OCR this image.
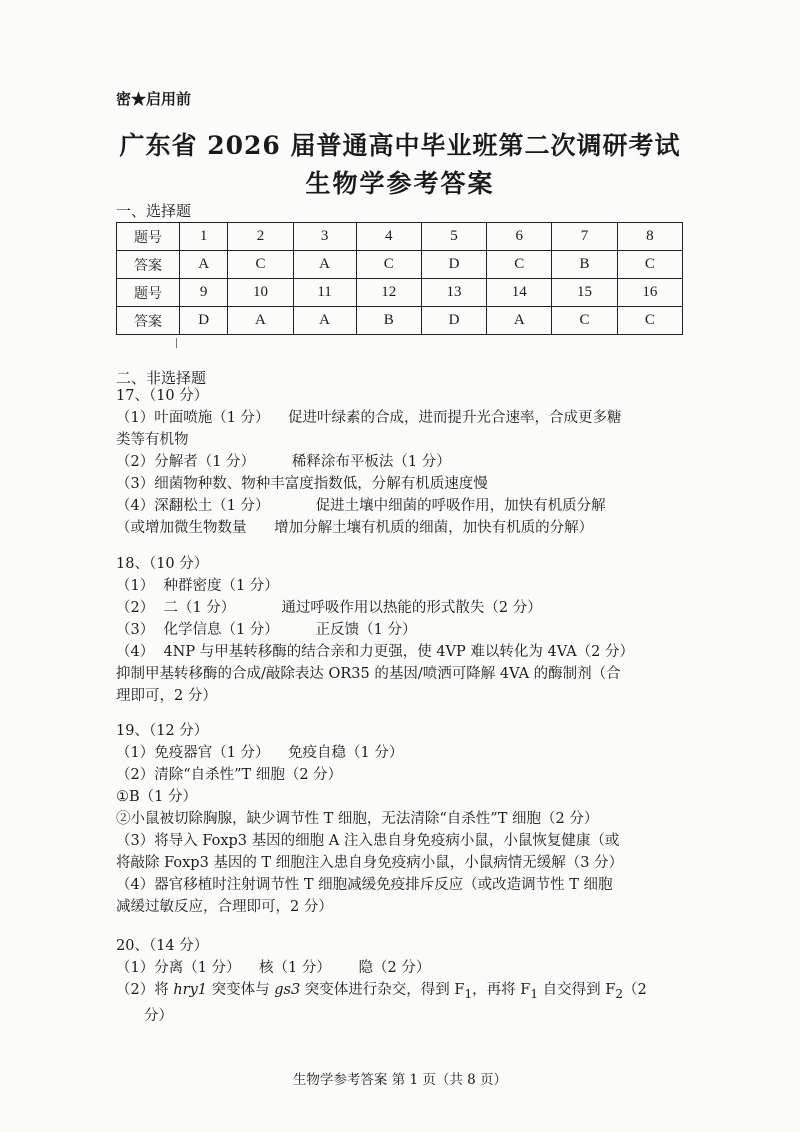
密★启用前
广东省 2026 届普通高中毕业班第二次调研考试
生物学参考答案
一、选择题
题号	1	2	3	4	5	6	7	8
答案	A	C	A	C	D	C	B	C
题号	9	10	11	12	13	14	15	16
答案	D	A	A	B	D	A	C	C
二、非选择题

17、（10 分）

（1）叶面喷施（1 分）    促进叶绿素的合成，进而提升光合速率，合成更多糖

类等有机物

（2）分解者（1 分）        稀释涂布平板法（1 分）

（3）细菌物种数、物种丰富度指数低，分解有机质速度慢

（4）深翻松土（1 分）          促进土壤中细菌的呼吸作用，加快有机质分解

（或增加微生物数量      增加分解土壤有机质的细菌，加快有机质的分解）

18、（10 分）

（1）  种群密度（1 分）

（2）  二（1 分）          通过呼吸作用以热能的形式散失（2 分）

（3）  化学信息（1 分）        正反馈（1 分）

（4）  4NP 与甲基转移酶的结合亲和力更强，使 4VP 难以转化为 4VA（2 分）

抑制甲基转移酶的合成/敲除表达 OR35 的基因/喷洒可降解 4VA 的酶制剂（合

理即可，2 分）

19、（12 分）

（1）免疫器官（1 分）    免疫自稳（1 分）

（2）清除“自杀性”T 细胞（2 分）

①B（1 分）

②小鼠被切除胸腺，缺少调节性 T 细胞，无法清除“自杀性”T 细胞（2 分）

（3）将导入 Foxp3 基因的细胞 A 注入患自身免疫病小鼠，小鼠恢复健康（或

将敲除 Foxp3 基因的 T 细胞注入患自身免疫病小鼠，小鼠病情无缓解（3 分）

（4）器官移植时注射调节性 T 细胞减缓免疫排斥反应（或改造调节性 T 细胞

减缓过敏反应，合理即可，2 分）

20、（14 分）

（1）分离（1 分）    核（1 分）      隐（2 分）

（2）将 hry1 突变体与 gs3 突变体进行杂交，得到 $F_1$，再将 $F_1$ 自交得到 $F_2(2$

分）

生物学参考答案 第 1 页（共 8 页）
